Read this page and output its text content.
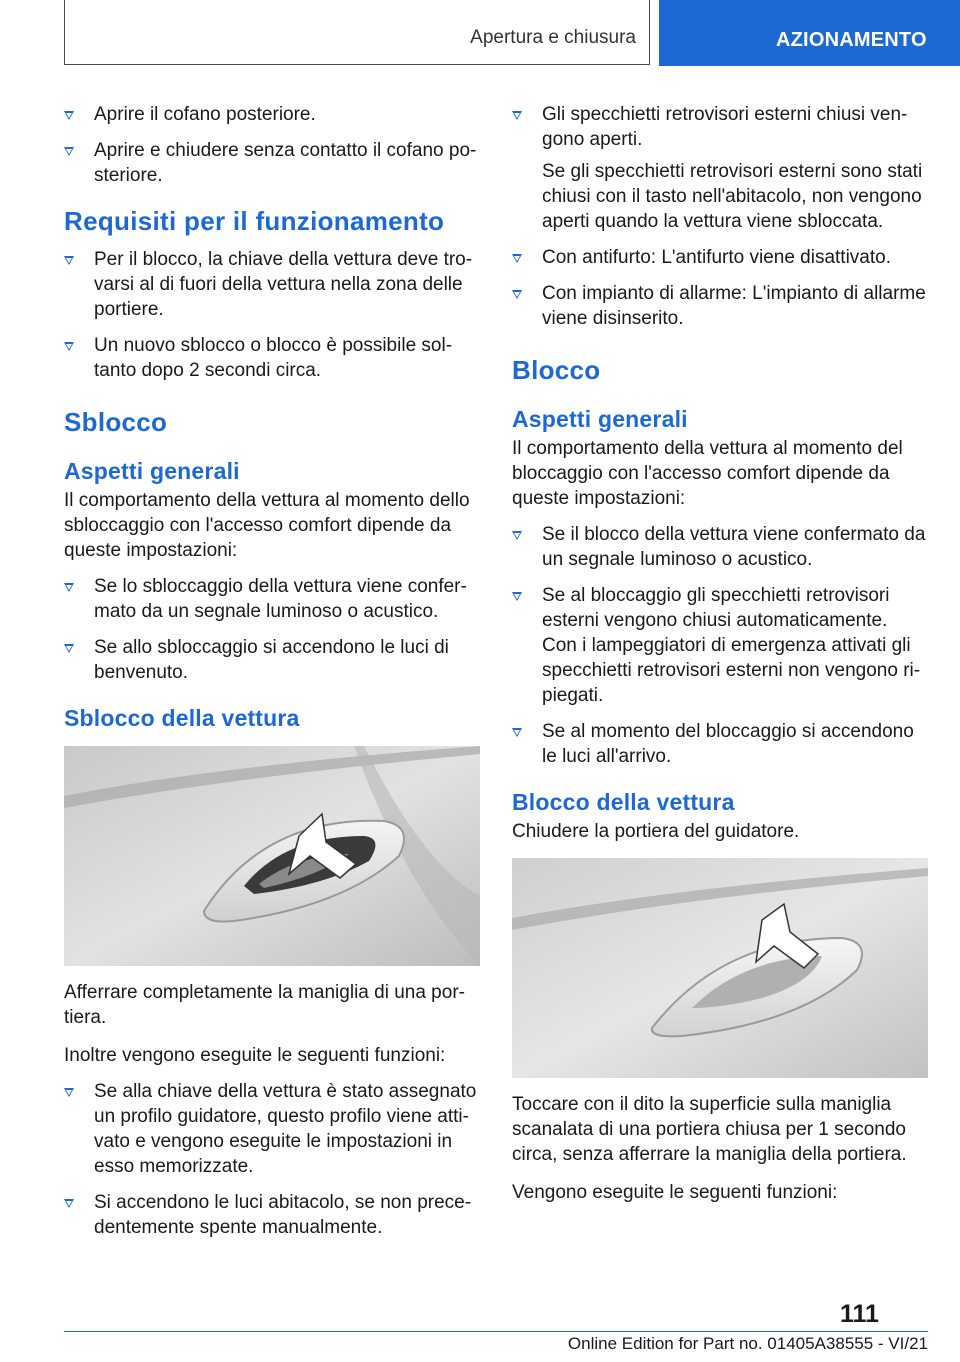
Apertura e chiusura	AZIONAMENTO
Aprire il cofano posteriore.
Aprire e chiudere senza contatto il cofano posteriore.
Requisiti per il funzionamento
Per il blocco, la chiave della vettura deve trovarsi al di fuori della vettura nella zona delle portiere.
Un nuovo sblocco o blocco è possibile soltanto dopo 2 secondi circa.
Sblocco
Aspetti generali

Il comportamento della vettura al momento dello sbloccaggio con l'accesso comfort dipende da queste impostazioni:

Se lo sbloccaggio della vettura viene confermato da un segnale luminoso o acustico.
Se allo sbloccaggio si accendono le luci di benvenuto.
Sblocco della vettura

Afferrare completamente la maniglia di una portiera.

Inoltre vengono eseguite le seguenti funzioni:

Se alla chiave della vettura è stato assegnato un profilo guidatore, questo profilo viene attivato e vengono eseguite le impostazioni in esso memorizzate.
Si accendono le luci abitacolo, se non precedentemente spente manualmente.
Gli specchietti retrovisori esterni chiusi vengono aperti.
Se gli specchietti retrovisori esterni sono stati chiusi con il tasto nell'abitacolo, non vengono aperti quando la vettura viene sbloccata.
Con antifurto: L'antifurto viene disattivato.
Con impianto di allarme: L'impianto di allarme viene disinserito.
Blocco
Aspetti generali

Il comportamento della vettura al momento del bloccaggio con l'accesso comfort dipende da queste impostazioni:

Se il blocco della vettura viene confermato da un segnale luminoso o acustico.
Se al bloccaggio gli specchietti retrovisori esterni vengono chiusi automaticamente.
Con i lampeggiatori di emergenza attivati gli specchietti retrovisori esterni non vengono ripiegati.
Se al momento del bloccaggio si accendono le luci all'arrivo.
Blocco della vettura

Chiudere la portiera del guidatore.

Toccare con il dito la superficie sulla maniglia scanalata di una portiera chiusa per 1 secondo circa, senza afferrare la maniglia della portiera.

Vengono eseguite le seguenti funzioni:

111
Online Edition for Part no. 01405A38555 - VI/21
